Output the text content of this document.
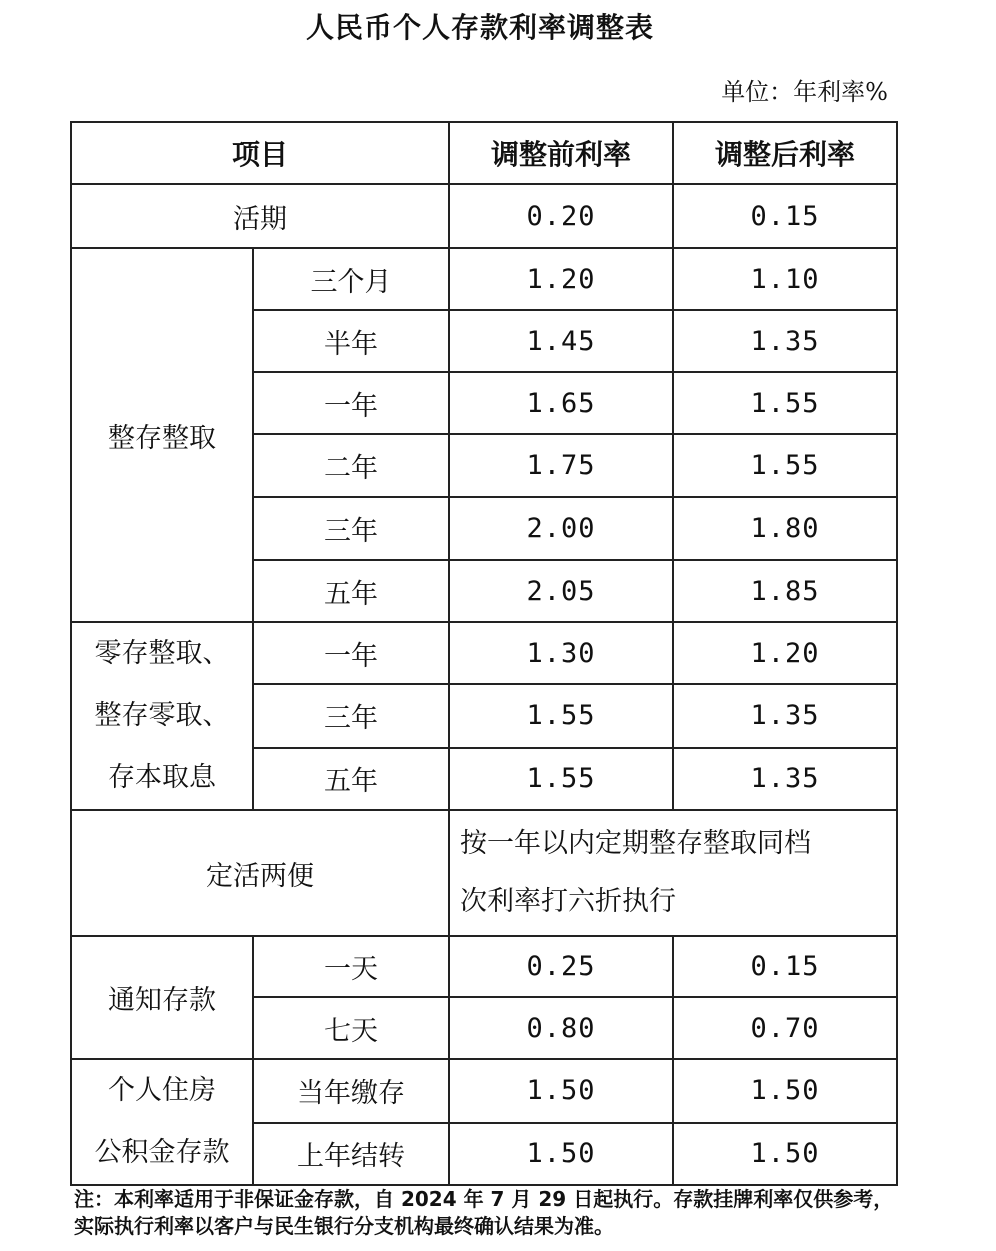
人民币个人存款利率调整表
单位：年利率%
项目		调整前利率	调整后利率
活期		0.20	0.15
整存整取	三个月	1.20	1.10
	半年	1.45	1.35
	一年	1.65	1.55
	二年	1.75	1.55
	三年	2.00	1.80
	五年	2.05	1.85

零存整取、
整存零取、
存本取息	一年	1.30	1.20
	三年	1.55	1.35
	五年	1.55	1.35
定活两便		按一年以内定期整存整取同档
次利率打六折执行	

通知存款	一天	0.25	0.15
	七天	0.80	0.70

个人住房
公积金存款	当年缴存	1.50	1.50
	上年结转	1.50	1.50
注：本利率适用于非保证金存款，自 2024 年 7 月 29 日起执行。存款挂牌利率仅供参考，实际执行利率以客户与民生银行分支机构最终确认结果为准。
